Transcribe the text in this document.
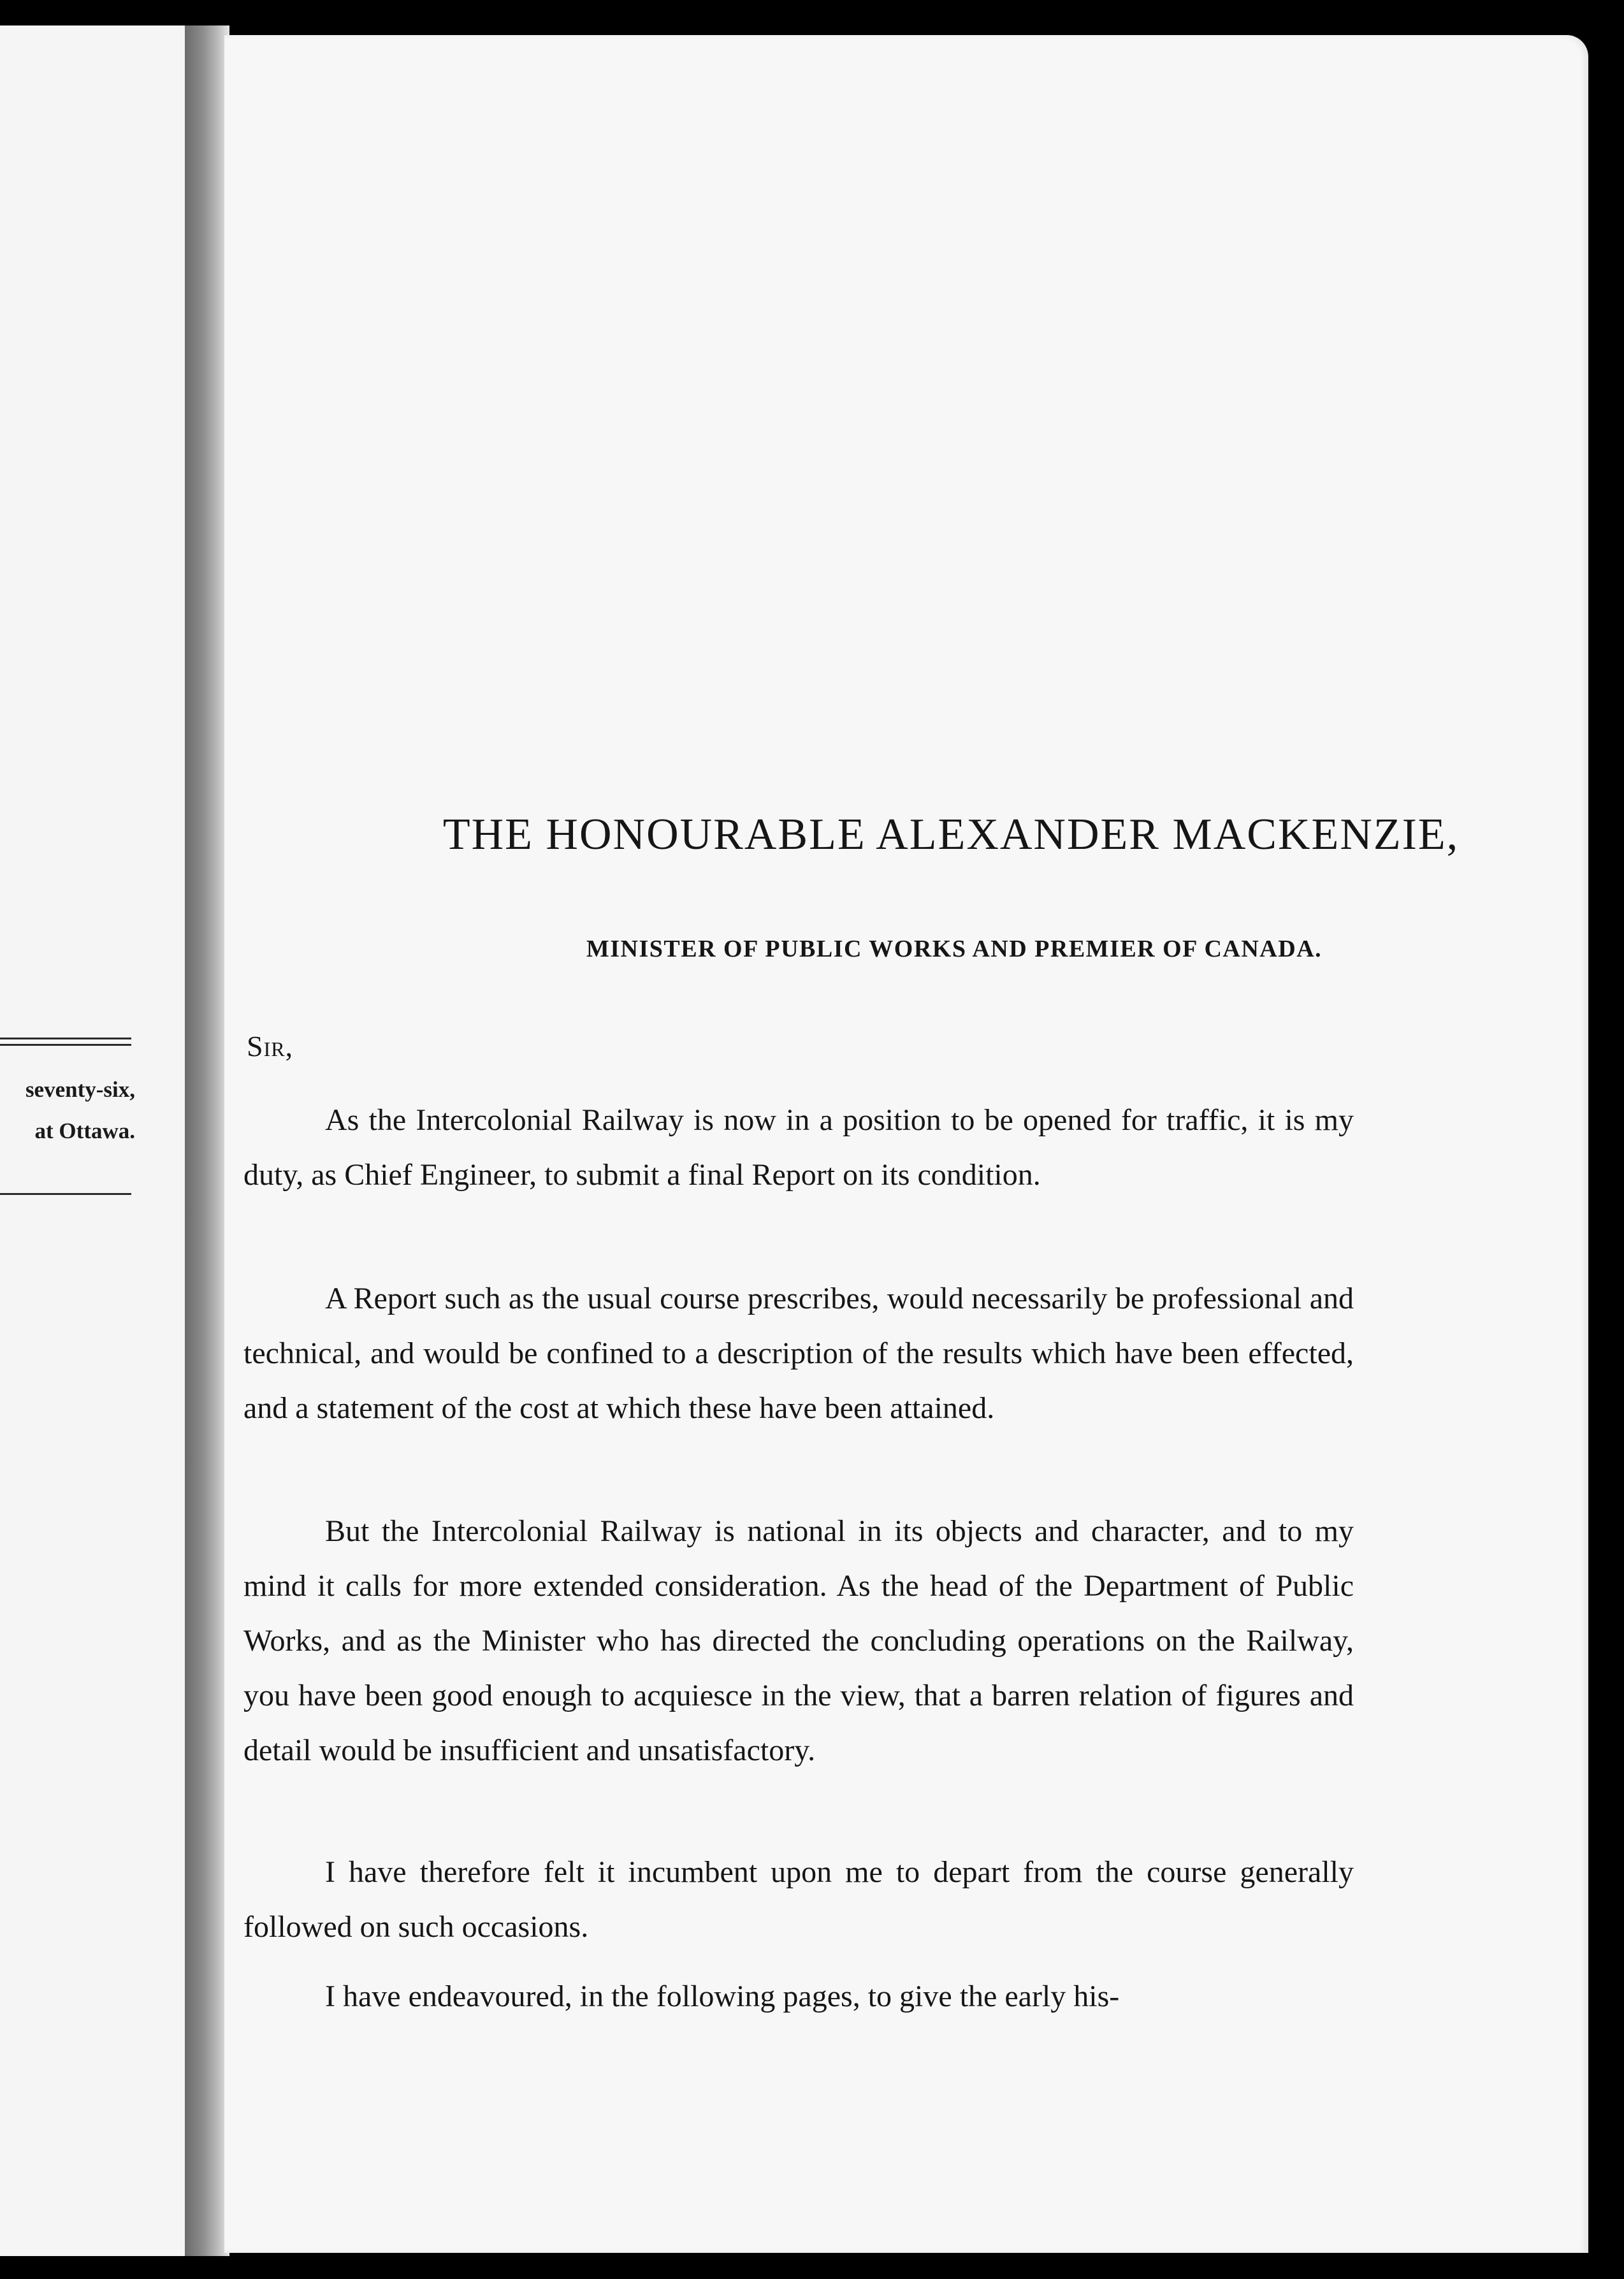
seventy-six,
at Ottawa.
THE HONOURABLE ALEXANDER MACKENZIE,
MINISTER OF PUBLIC WORKS AND PREMIER OF CANADA.
Sir,

As the Intercolonial Railway is now in a position to be opened for traffic, it is my duty, as Chief Engineer, to submit a final Report on its condition.

A Report such as the usual course prescribes, would necessarily be professional and technical, and would be confined to a description of the results which have been effected, and a statement of the cost at which these have been attained.

But the Intercolonial Railway is national in its objects and character, and to my mind it calls for more extended consideration. As the head of the Department of Public Works, and as the Minister who has directed the concluding operations on the Railway, you have been good enough to acquiesce in the view, that a barren relation of figures and detail would be insufficient and unsatisfactory.

I have therefore felt it incumbent upon me to depart from the course generally followed on such occasions.

I have endeavoured, in the following pages, to give the early his-
